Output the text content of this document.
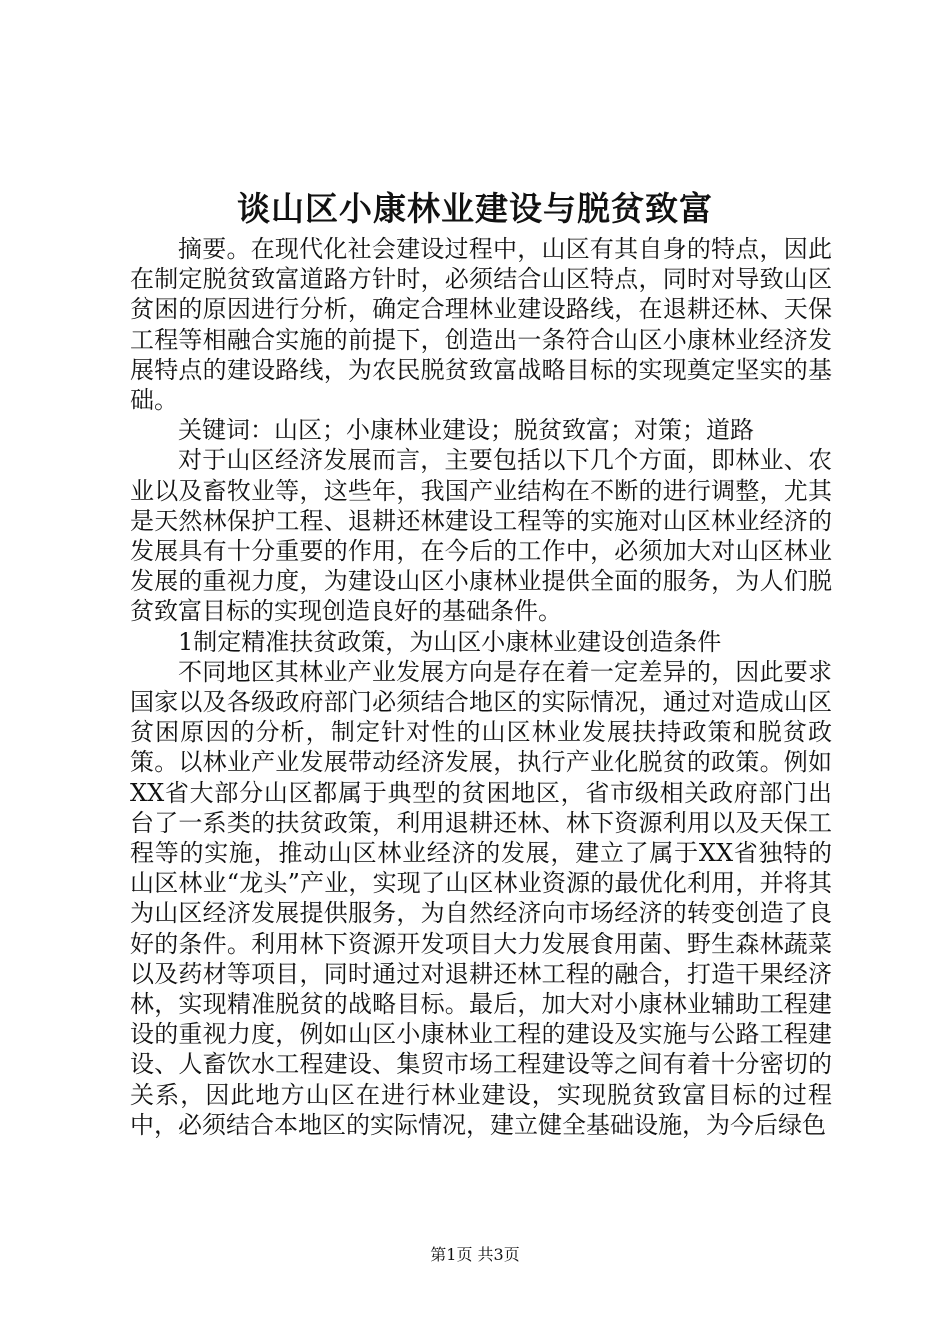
谈山区小康林业建设与脱贫致富

摘要。在现代化社会建设过程中，山区有其自身的特点，因此在制定脱贫致富道路方针时，必须结合山区特点，同时对导致山区贫困的原因进行分析，确定合理林业建设路线，在退耕还林、天保工程等相融合实施的前提下，创造出一条符合山区小康林业经济发展特点的建设路线，为农民脱贫致富战略目标的实现奠定坚实的基础。

关键词：山区；小康林业建设；脱贫致富；对策；道路

对于山区经济发展而言，主要包括以下几个方面，即林业、农业以及畜牧业等，这些年，我国产业结构在不断的进行调整，尤其是天然林保护工程、退耕还林建设工程等的实施对山区林业经济的发展具有十分重要的作用，在今后的工作中，必须加大对山区林业发展的重视力度，为建设山区小康林业提供全面的服务，为人们脱贫致富目标的实现创造良好的基础条件。

1制定精准扶贫政策，为山区小康林业建设创造条件

不同地区其林业产业发展方向是存在着一定差异的，因此要求国家以及各级政府部门必须结合地区的实际情况，通过对造成山区贫困原因的分析，制定针对性的山区林业发展扶持政策和脱贫政策。以林业产业发展带动经济发展，执行产业化脱贫的政策。例如XX省大部分山区都属于典型的贫困地区，省市级相关政府部门出台了一系类的扶贫政策，利用退耕还林、林下资源利用以及天保工程等的实施，推动山区林业经济的发展，建立了属于XX省独特的山区林业“龙头”产业，实现了山区林业资源的最优化利用，并将其为山区经济发展提供服务，为自然经济向市场经济的转变创造了良好的条件。利用林下资源开发项目大力发展食用菌、野生森林蔬菜以及药材等项目，同时通过对退耕还林工程的融合，打造干果经济林，实现精准脱贫的战略目标。最后，加大对小康林业辅助工程建设的重视力度，例如山区小康林业工程的建设及实施与公路工程建设、人畜饮水工程建设、集贸市场工程建设等之间有着十分密切的关系，因此地方山区在进行林业建设，实现脱贫致富目标的过程中，必须结合本地区的实际情况，建立健全基础设施，为今后绿色

第1页 共3页
